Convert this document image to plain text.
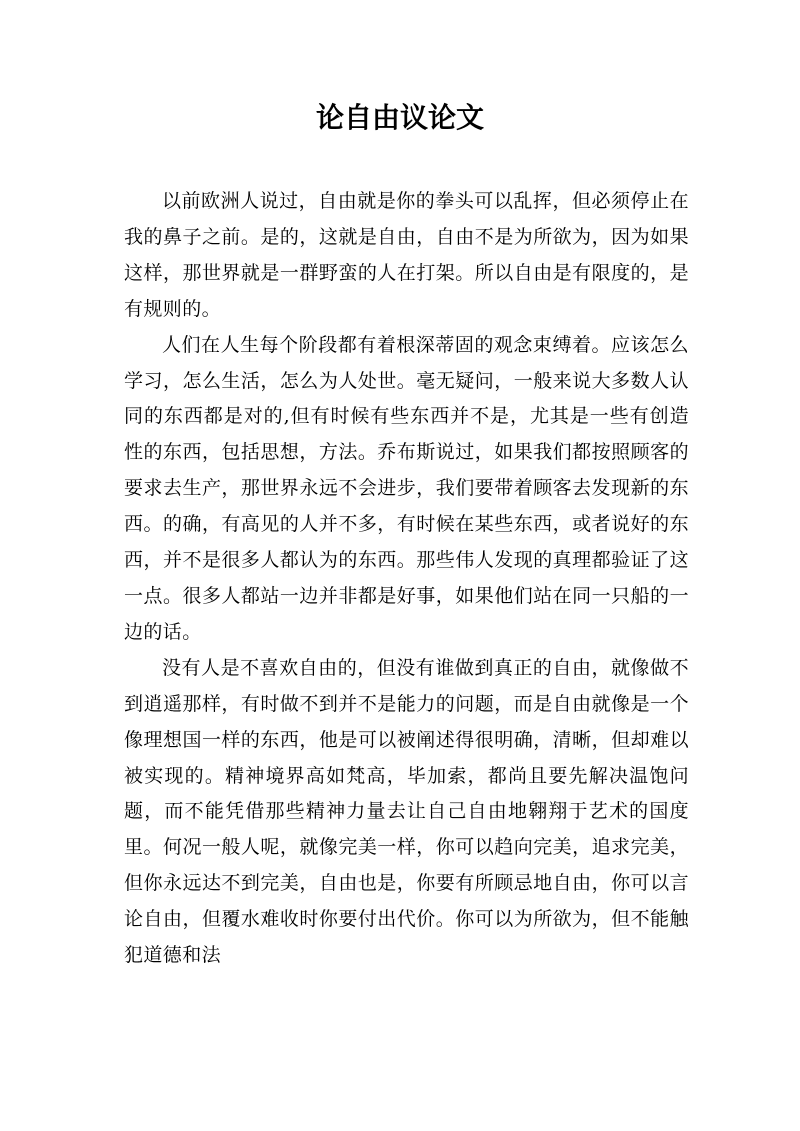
论自由议论文

以前欧洲人说过，自由就是你的拳头可以乱挥，但必须停止在我的鼻子之前。是的，这就是自由，自由不是为所欲为，因为如果这样，那世界就是一群野蛮的人在打架。所以自由是有限度的，是有规则的。

人们在人生每个阶段都有着根深蒂固的观念束缚着。应该怎么学习，怎么生活，怎么为人处世。毫无疑问，一般来说大多数人认同的东西都是对的,但有时候有些东西并不是，尤其是一些有创造性的东西，包括思想，方法。乔布斯说过，如果我们都按照顾客的要求去生产，那世界永远不会进步，我们要带着顾客去发现新的东西。的确，有高见的人并不多，有时候在某些东西，或者说好的东西，并不是很多人都认为的东西。那些伟人发现的真理都验证了这一点。很多人都站一边并非都是好事，如果他们站在同一只船的一边的话。

没有人是不喜欢自由的，但没有谁做到真正的自由，就像做不到逍遥那样，有时做不到并不是能力的问题，而是自由就像是一个像理想国一样的东西，他是可以被阐述得很明确，清晰，但却难以被实现的。精神境界高如梵高，毕加索，都尚且要先解决温饱问题，而不能凭借那些精神力量去让自己自由地翱翔于艺术的国度里。何况一般人呢，就像完美一样，你可以趋向完美，追求完美，但你永远达不到完美，自由也是，你要有所顾忌地自由，你可以言论自由，但覆水难收时你要付出代价。你可以为所欲为，但不能触犯道德和法
